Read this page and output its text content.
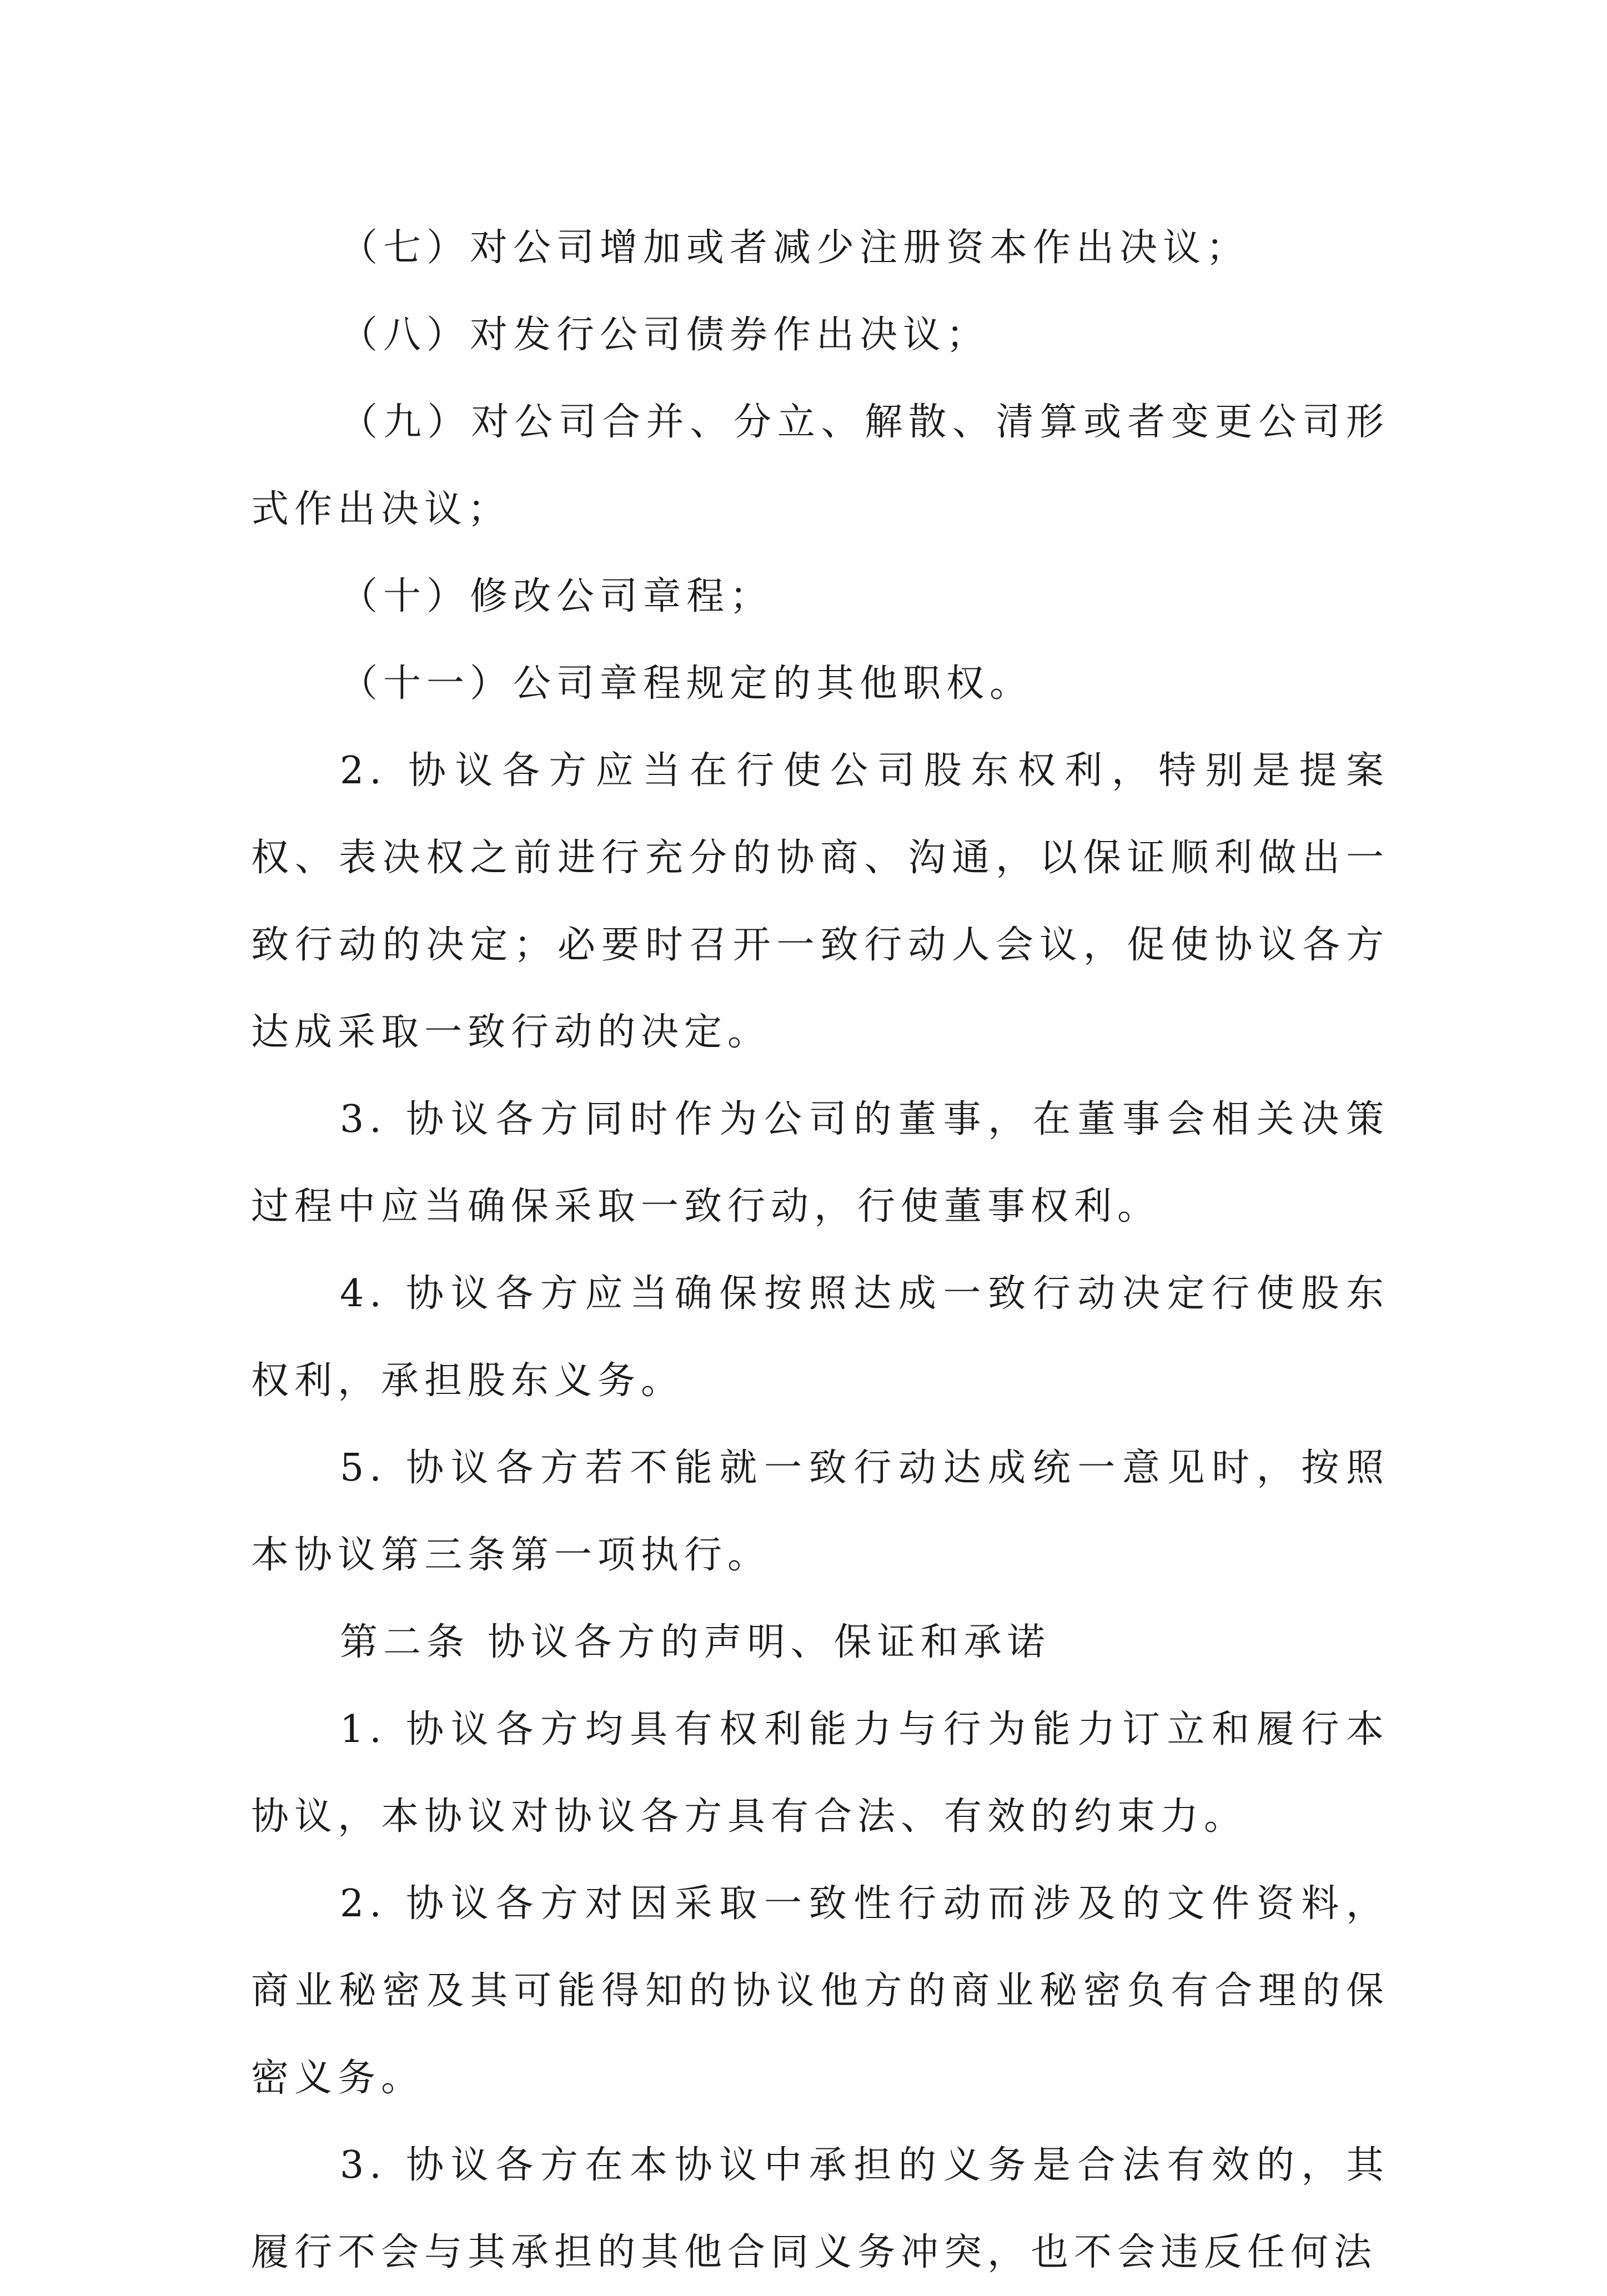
（七）对公司增加或者减少注册资本作出决议；

（八）对发行公司债券作出决议；

（九）对公司合并、分立、解散、清算或者变更公司形式作出决议；

（十）修改公司章程；

（十一）公司章程规定的其他职权。

2. 协议各方应当在行使公司股东权利，特别是提案权、表决权之前进行充分的协商、沟通，以保证顺利做出一致行动的决定；必要时召开一致行动人会议，促使协议各方达成采取一致行动的决定。

3. 协议各方同时作为公司的董事，在董事会相关决策过程中应当确保采取一致行动，行使董事权利。

4. 协议各方应当确保按照达成一致行动决定行使股东权利，承担股东义务。

5. 协议各方若不能就一致行动达成统一意见时，按照本协议第三条第一项执行。

第二条 协议各方的声明、保证和承诺

1. 协议各方均具有权利能力与行为能力订立和履行本协议，本协议对协议各方具有合法、有效的约束力。

2. 协议各方对因采取一致性行动而涉及的文件资料，商业秘密及其可能得知的协议他方的商业秘密负有合理的保密义务。

3. 协议各方在本协议中承担的义务是合法有效的，其履行不会与其承担的其他合同义务冲突，也不会违反任何法
